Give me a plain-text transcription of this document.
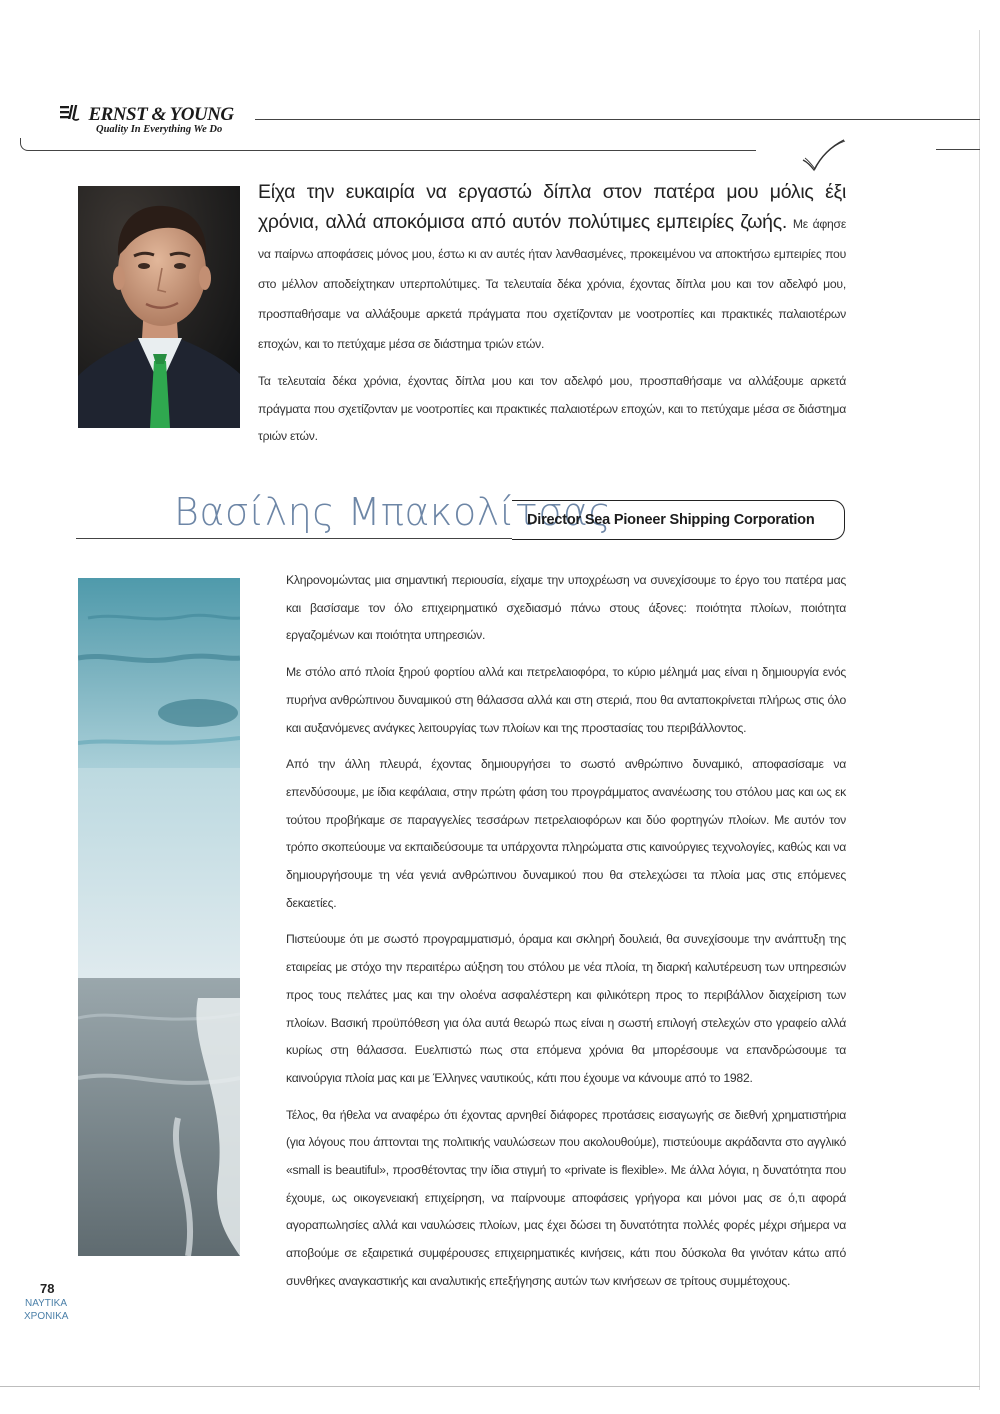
ERNST & YOUNG
Quality In Everything We Do
Είχα την ευκαιρία να εργαστώ δίπλα στον πατέρα μου μόλις έξι χρόνια, αλλά αποκόμισα από αυτόν πολύτιμες εμπειρίες ζωής. Με άφησε να παίρνω αποφάσεις μόνος μου, έστω κι αν αυτές ήταν λανθασμένες, προκειμένου να αποκτήσω εμπειρίες που στο μέλλον αποδείχτηκαν υπερπολύτιμες. Τα τελευταία δέκα χρόνια, έχοντας δίπλα μου και τον αδελφό μου, προσπαθήσαμε να αλλάξουμε αρκετά πράγματα που σχετίζονταν με νοοτροπίες και πρακτικές παλαιοτέρων εποχών, και το πετύχαμε μέσα σε διάστημα τριών ετών.

Τα τελευταία δέκα χρόνια, έχοντας δίπλα μου και τον αδελφό μου, προσπαθήσαμε να αλλάξουμε αρκετά πράγματα που σχετίζονταν με νοοτροπίες και πρακτικές παλαιοτέρων εποχών, και το πετύχαμε μέσα σε διάστημα τριών ετών.

Βασίλης Μπακολίτσας
Director Sea Pioneer Shipping Corporation

Κληρονομώντας μια σημαντική περιουσία, είχαμε την υποχρέωση να συνεχίσουμε το έργο του πατέρα μας και βασίσαμε τον όλο επιχειρηματικό σχεδιασμό πάνω στους άξονες: ποιότητα πλοίων, ποιότητα εργαζομένων και ποιότητα υπηρεσιών.

Με στόλο από πλοία ξηρού φορτίου αλλά και πετρελαιοφόρα, το κύριο μέλημά μας είναι η δημιουργία ενός πυρήνα ανθρώπινου δυναμικού στη θάλασσα αλλά και στη στεριά, που θα ανταποκρίνεται πλήρως στις όλο και αυξανόμενες ανάγκες λειτουργίας των πλοίων και της προστασίας του περιβάλλοντος.

Από την άλλη πλευρά, έχοντας δημιουργήσει το σωστό ανθρώπινο δυναμικό, αποφασίσαμε να επενδύσουμε, με ίδια κεφάλαια, στην πρώτη φάση του προγράμματος ανανέωσης του στόλου μας και ως εκ τούτου προβήκαμε σε παραγγελίες τεσσάρων πετρελαιοφόρων και δύο φορτηγών πλοίων. Με αυτόν τον τρόπο σκοπεύουμε να εκπαιδεύσουμε τα υπάρχοντα πληρώματα στις καινούργιες τεχνολογίες, καθώς και να δημιουργήσουμε τη νέα γενιά ανθρώπινου δυναμικού που θα στελεχώσει τα πλοία μας στις επόμενες δεκαετίες.

Πιστεύουμε ότι με σωστό προγραμματισμό, όραμα και σκληρή δουλειά, θα συνεχίσουμε την ανάπτυξη της εταιρείας με στόχο την περαιτέρω αύξηση του στόλου με νέα πλοία, τη διαρκή καλυτέρευση των υπηρεσιών προς τους πελάτες μας και την ολοένα ασφαλέστερη και φιλικότερη προς το περιβάλλον διαχείριση των πλοίων. Βασική προϋπόθεση για όλα αυτά θεωρώ πως είναι η σωστή επιλογή στελεχών στο γραφείο αλλά κυρίως στη θάλασσα. Ευελπιστώ πως στα επόμενα χρόνια θα μπορέσουμε να επανδρώσουμε τα καινούργια πλοία μας και με Έλληνες ναυτικούς, κάτι που έχουμε να κάνουμε από το 1982.

Τέλος, θα ήθελα να αναφέρω ότι έχοντας αρνηθεί διάφορες προτάσεις εισαγωγής σε διεθνή χρηματιστήρια (για λόγους που άπτονται της πολιτικής ναυλώσεων που ακολουθούμε), πιστεύουμε ακράδαντα στο αγγλικό «small is beautiful», προσθέτοντας την ίδια στιγμή το «private is flexible». Με άλλα λόγια, η δυνατότητα που έχουμε, ως οικογενειακή επιχείρηση, να παίρνουμε αποφάσεις γρήγορα και μόνοι μας σε ό,τι αφορά αγοραπωλησίες αλλά και ναυλώσεις πλοίων, μας έχει δώσει τη δυνατότητα πολλές φορές μέχρι σήμερα να αποβούμε σε εξαιρετικά συμφέρουσες επιχειρηματικές κινήσεις, κάτι που δύσκολα θα γινόταν κάτω από συνθήκες αναγκαστικής και αναλυτικής επεξήγησης αυτών των κινήσεων σε τρίτους συμμέτοχους.

78
ΝΑΥΤΙΚΑ
ΧΡΟΝΙΚΑ
